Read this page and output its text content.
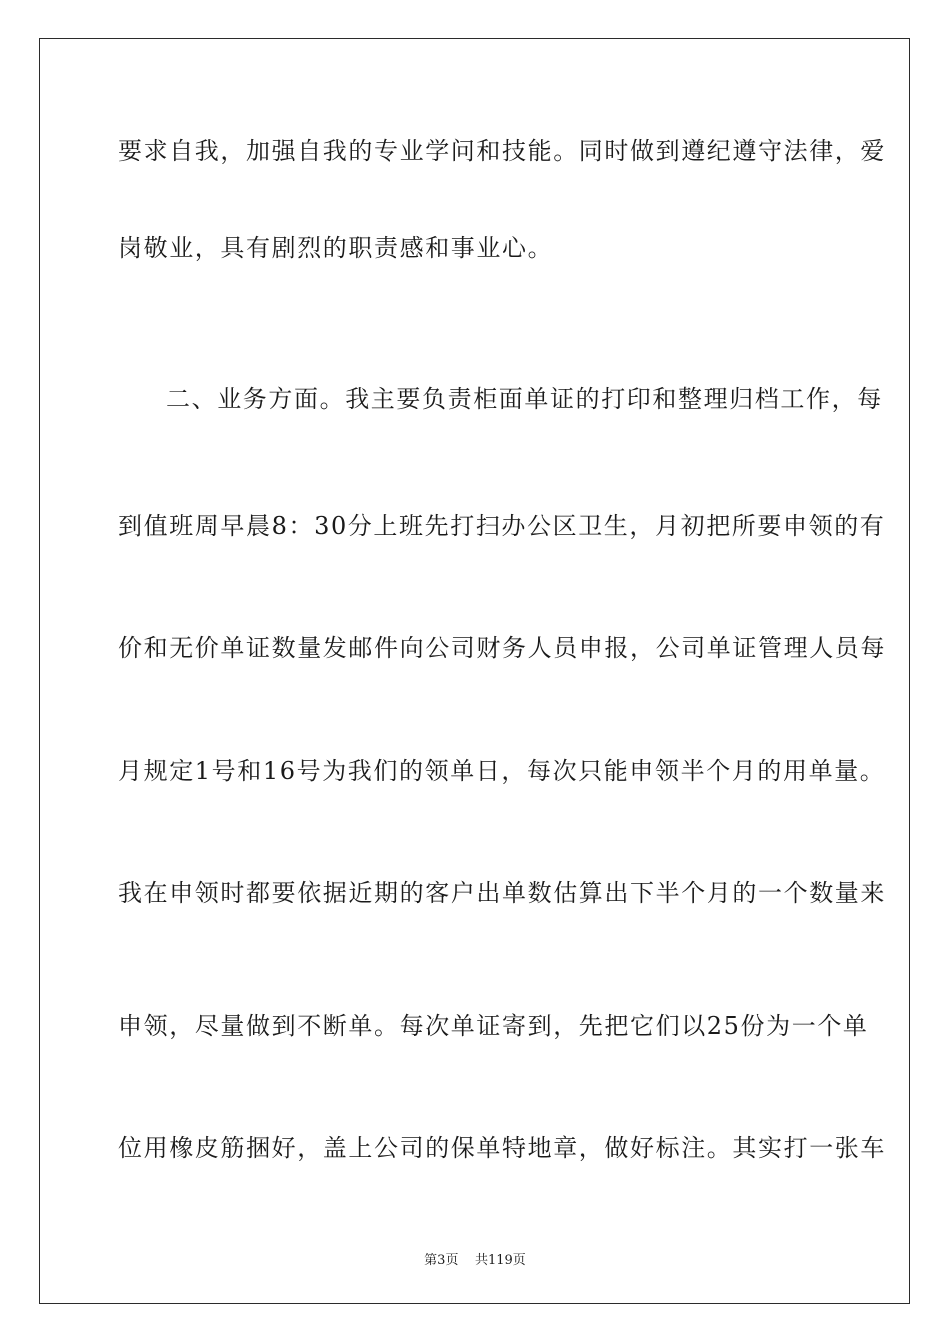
要求自我，加强自我的专业学问和技能。同时做到遵纪遵守法律，爱
岗敬业，具有剧烈的职责感和事业心。
二、业务方面。我主要负责柜面单证的打印和整理归档工作，每
到值班周早晨8：30分上班先打扫办公区卫生，月初把所要申领的有
价和无价单证数量发邮件向公司财务人员申报，公司单证管理人员每
月规定1号和16号为我们的领单日，每次只能申领半个月的用单量。
我在申领时都要依据近期的客户出单数估算出下半个月的一个数量来
申领，尽量做到不断单。每次单证寄到，先把它们以25份为一个单
位用橡皮筋捆好，盖上公司的保单特地章，做好标注。其实打一张车
第3页 共119页
